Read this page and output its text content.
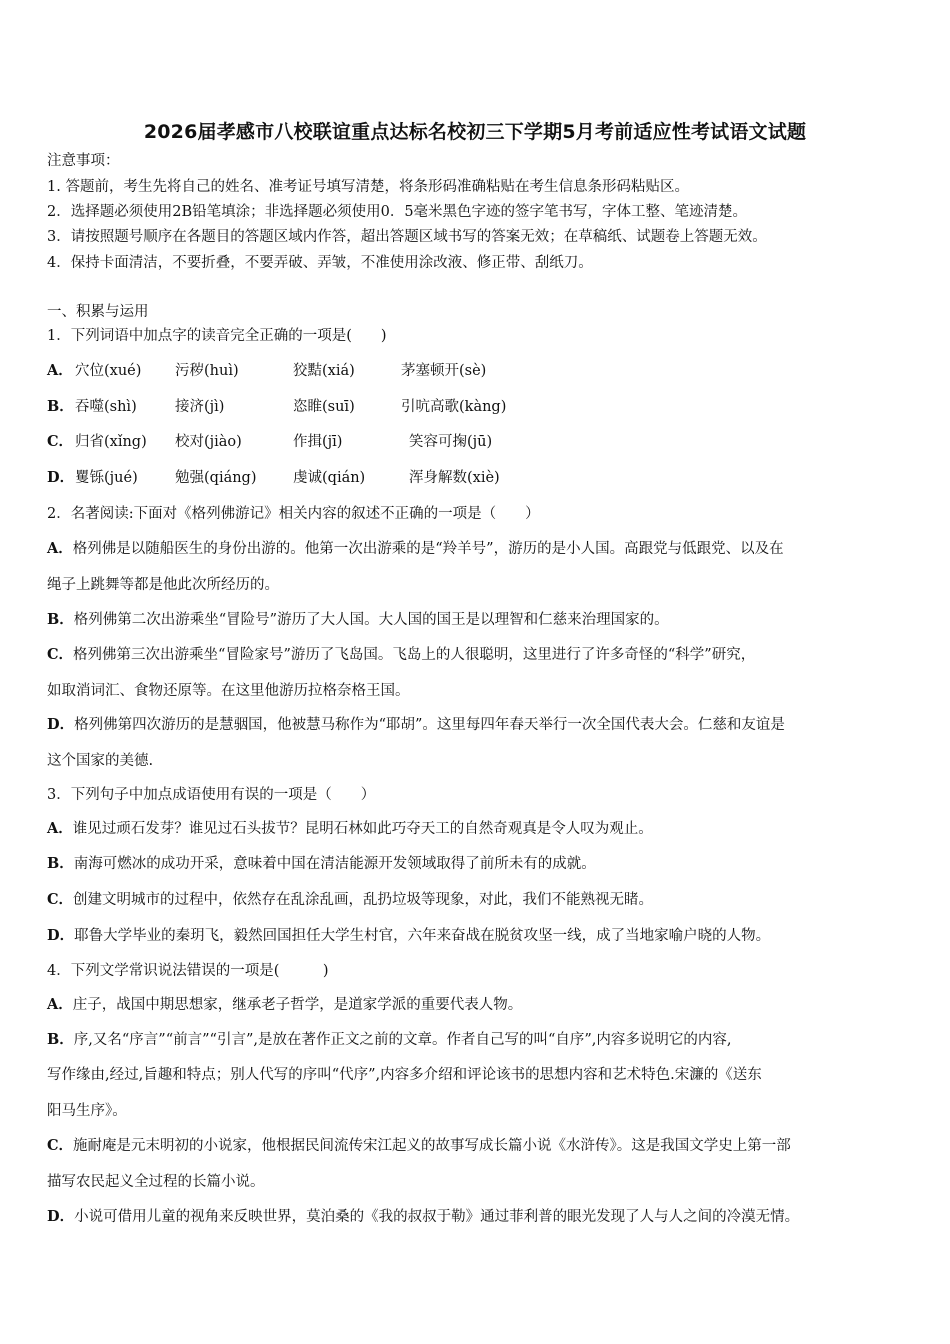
2026届孝感市八校联谊重点达标名校初三下学期5月考前适应性考试语文试题
注意事项：
1. 答题前，考生先将自己的姓名、准考证号填写清楚，将条形码准确粘贴在考生信息条形码粘贴区。
2．选择题必须使用2B铅笔填涂；非选择题必须使用0．5毫米黑色字迹的签字笔书写，字体工整、笔迹清楚。
3．请按照题号顺序在各题目的答题区域内作答，超出答题区域书写的答案无效；在草稿纸、试题卷上答题无效。
4．保持卡面清洁，不要折叠，不要弄破、弄皱，不准使用涂改液、修正带、刮纸刀。
一、积累与运用
1．下列词语中加点字的读音完全正确的一项是(　　)
A． 穴位(xué) 污秽(huì)	狡黠(xiá)	茅塞顿开(sè)
B．吞噬(shì)	接济(jì)	恣睢(suī)	引吭高歌(kàng)
C． 归省(xǐng) 校对(jiào)	作揖(jī)	笑容可掬(jū)
D．矍铄(jué)	勉强(qiáng)	虔诚(qián)	浑身解数(xiè)
2．名著阅读:下面对《格列佛游记》相关内容的叙述不正确的一项是（　　）
A．格列佛是以随船医生的身份出游的。他第一次出游乘的是“羚羊号”，游历的是小人国。高跟党与低跟党、以及在
绳子上跳舞等都是他此次所经历的。
B．格列佛第二次出游乘坐“冒险号”游历了大人国。大人国的国王是以理智和仁慈来治理国家的。
C．格列佛第三次出游乘坐“冒险家号”游历了飞岛国。飞岛上的人很聪明，这里进行了许多奇怪的“科学”研究，
如取消词汇、食物还原等。在这里他游历拉格奈格王国。
D．格列佛第四次游历的是慧骃国，他被慧马称作为“耶胡”。这里每四年春天举行一次全国代表大会。仁慈和友谊是
这个国家的美德.
3．下列句子中加点成语使用有误的一项是（　　）
A．谁见过顽石发芽？谁见过石头拔节？昆明石林如此巧夺天工的自然奇观真是令人叹为观止。
B．南海可燃冰的成功开采，意味着中国在清洁能源开发领域取得了前所未有的成就。
C．创建文明城市的过程中，依然存在乱涂乱画，乱扔垃圾等现象，对此，我们不能熟视无睹。
D．耶鲁大学毕业的秦玥飞，毅然回国担任大学生村官，六年来奋战在脱贫攻坚一线，成了当地家喻户晓的人物。
4．下列文学常识说法错误的一项是(　　　)
A．庄子，战国中期思想家，继承老子哲学，是道家学派的重要代表人物。
B．序,又名“序言”“前言”“引言”,是放在著作正文之前的文章。作者自己写的叫“自序”,内容多说明它的内容,
写作缘由,经过,旨趣和特点；别人代写的序叫“代序”,内容多介绍和评论该书的思想内容和艺术特色.宋濂的《送东
阳马生序》。
C．施耐庵是元末明初的小说家，他根据民间流传宋江起义的故事写成长篇小说《水浒传》。这是我国文学史上第一部
描写农民起义全过程的长篇小说。
D．小说可借用儿童的视角来反映世界，莫泊桑的《我的叔叔于勒》通过菲利普的眼光发现了人与人之间的冷漠无情。
